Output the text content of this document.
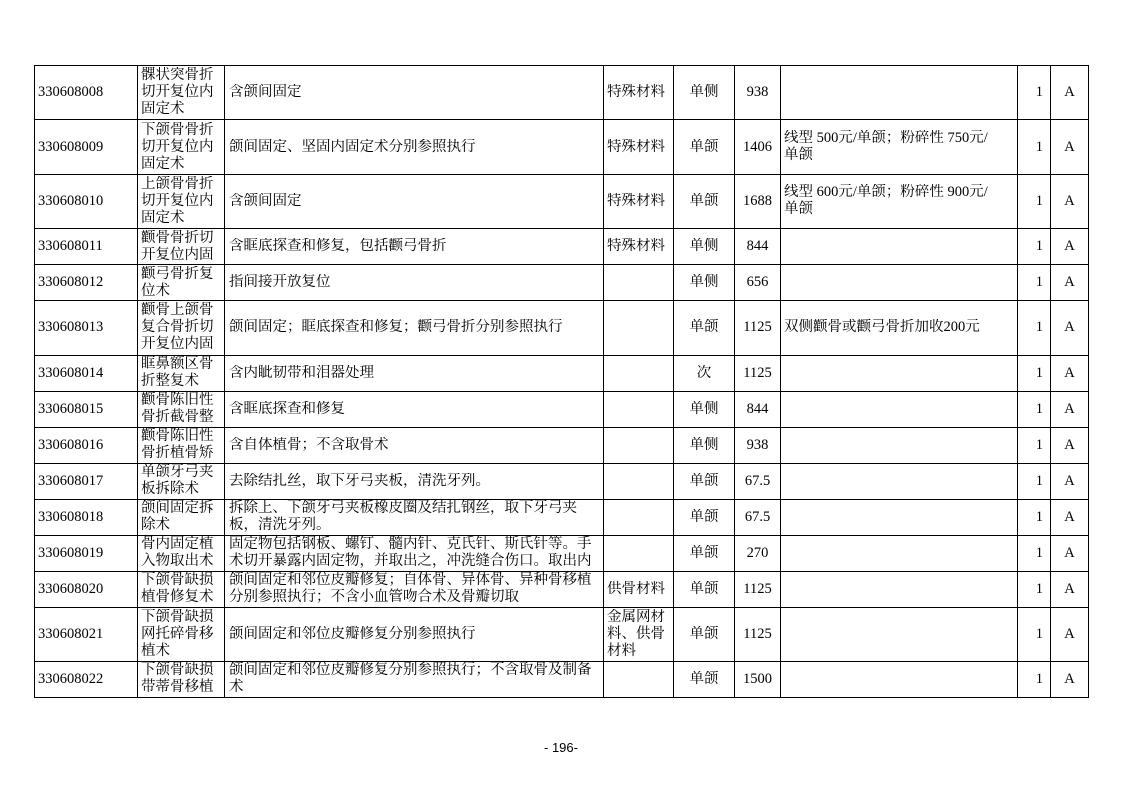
330608008	髁状突骨折切开复位内固定术	含颌间固定	特殊材料	单侧	938		1	A

330608009	下颌骨骨折切开复位内固定术	颌间固定、坚固内固定术分别参照执行	特殊材料	单颌	1406	线型 500元/单颌；粉碎性 750元/单颌	1	A

330608010	上颌骨骨折切开复位内固定术	含颌间固定	特殊材料	单颌	1688	线型 600元/单颌；粉碎性 900元/单颌	1	A

330608011	颧骨骨折切开复位内固	含眶底探查和修复，包括颧弓骨折	特殊材料	单侧	844		1	A

330608012	颧弓骨折复位术	指间接开放复位		单侧	656		1	A

330608013	颧骨上颌骨复合骨折切开复位内固	颌间固定；眶底探查和修复；颧弓骨折分别参照执行		单颌	1125	双侧颧骨或颧弓骨折加收200元	1	A

330608014	眶鼻额区骨折整复术	含内眦韧带和泪器处理		次	1125		1	A

330608015	颧骨陈旧性骨折截骨整	含眶底探查和修复		单侧	844		1	A

330608016	颧骨陈旧性骨折植骨矫	含自体植骨；不含取骨术		单侧	938		1	A

330608017	单颌牙弓夹板拆除术	去除结扎丝，取下牙弓夹板，清洗牙列。		单颌	67.5		1	A

330608018	颌间固定拆除术	拆除上、下颌牙弓夹板橡皮圈及结扎钢丝，取下牙弓夹板，清洗牙列。		单颌	67.5		1	A

330608019	骨内固定植入物取出术	固定物包括钢板、螺钉、髓内针、克氏针、斯氏针等。手术切开暴露内固定物，并取出之，冲洗缝合伤口。取出内		单颌	270		1	A

330608020	下颌骨缺损植骨修复术	颌间固定和邻位皮瓣修复；自体骨、异体骨、异种骨移植分别参照执行；不含小血管吻合术及骨瓣切取	供骨材料	单颌	1125		1	A

330608021	下颌骨缺损网托碎骨移植术	颌间固定和邻位皮瓣修复分别参照执行	金属网材料、供骨材料	单颌	1125		1	A

330608022	下颌骨缺损带蒂骨移植	颌间固定和邻位皮瓣修复分别参照执行；不含取骨及制备术		单颌	1500		1	A
- 196-
